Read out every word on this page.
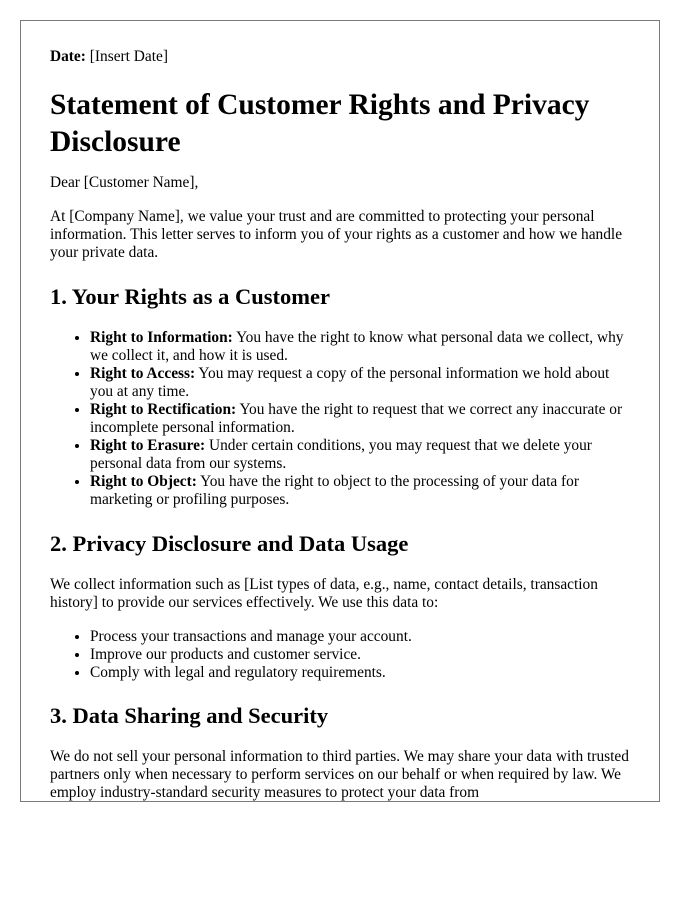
Date: [Insert Date]

Statement of Customer Rights and Privacy Disclosure

Dear [Customer Name],

At [Company Name], we value your trust and are committed to protecting your personal information. This letter serves to inform you of your rights as a customer and how we handle your private data.

1. Your Rights as a Customer
• Right to Information: You have the right to know what personal data we collect, why we collect it, and how it is used.
• Right to Access: You may request a copy of the personal information we hold about you at any time.
• Right to Rectification: You have the right to request that we correct any inaccurate or incomplete personal information.
• Right to Erasure: Under certain conditions, you may request that we delete your personal data from our systems.
• Right to Object: You have the right to object to the processing of your data for marketing or profiling purposes.
2. Privacy Disclosure and Data Usage

We collect information such as [List types of data, e.g., name, contact details, transaction history] to provide our services effectively. We use this data to:

• Process your transactions and manage your account.
• Improve our products and customer service.
• Comply with legal and regulatory requirements.
3. Data Sharing and Security

We do not sell your personal information to third parties. We may share your data with trusted partners only when necessary to perform services on our behalf or when required by law. We employ industry-standard security measures to protect your data from
